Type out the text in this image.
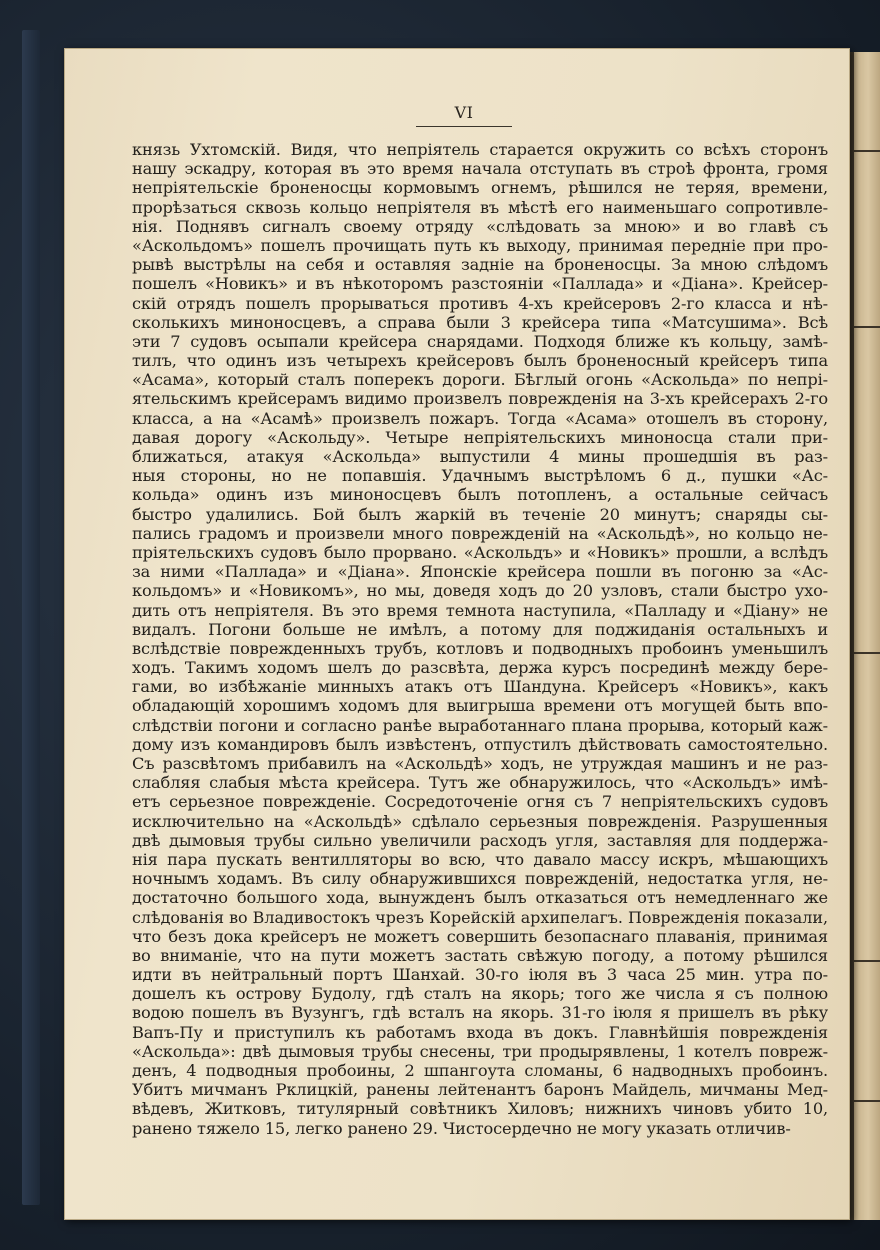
VI
князь Ухтомскій. Видя, что непріятель старается окружить со всѣхъ сторонъ
нашу эскадру, которая въ это время начала отступать въ строѣ фронта, громя
непріятельскіе броненосцы кормовымъ огнемъ, рѣшился не теряя, времени,
прорѣзаться сквозь кольцо непріятеля въ мѣстѣ его наименьшаго сопротивле-
нія. Поднявъ сигналъ своему отряду «слѣдовать за мною» и во главѣ съ
«Аскольдомъ» пошелъ прочищать путь къ выходу, принимая передніе при про-
рывѣ выстрѣлы на себя и оставляя задніе на броненосцы. За мною слѣдомъ
пошелъ «Новикъ» и въ нѣкоторомъ разстояніи «Паллада» и «Діана». Крейсер-
скій отрядъ пошелъ прорываться противъ 4-хъ крейсеровъ 2-го класса и нѣ-
сколькихъ миноносцевъ, а справа были 3 крейсера типа «Матсушима». Всѣ
эти 7 судовъ осыпали крейсера снарядами. Подходя ближе къ кольцу, замѣ-
тилъ, что одинъ изъ четырехъ крейсеровъ былъ броненосный крейсеръ типа
«Асама», который сталъ поперекъ дороги. Бѣглый огонь «Аскольда» по непрі-
ятельскимъ крейсерамъ видимо произвелъ поврежденія на 3-хъ крейсерахъ 2-го
класса, а на «Асамѣ» произвелъ пожаръ. Тогда «Асама» отошелъ въ сторону,
давая дорогу «Аскольду». Четыре непріятельскихъ миноносца стали при-
ближаться, атакуя «Аскольда» выпустили 4 мины прошедшія въ раз-
ныя стороны, но не попавшія. Удачнымъ выстрѣломъ 6 д., пушки «Ас-
кольда» одинъ изъ миноносцевъ былъ потопленъ, а остальные сейчасъ
быстро удалились. Бой былъ жаркій въ теченіе 20 минутъ; снаряды сы-
пались градомъ и произвели много поврежденій на «Аскольдѣ», но кольцо не-
пріятельскихъ судовъ было прорвано. «Аскольдъ» и «Новикъ» прошли, а вслѣдъ
за ними «Паллада» и «Діана». Японскіе крейсера пошли въ погоню за «Ас-
кольдомъ» и «Новикомъ», но мы, доведя ходъ до 20 узловъ, стали быстро ухо-
дить отъ непріятеля. Въ это время темнота наступила, «Палладу и «Діану» не
видалъ. Погони больше не имѣлъ, а потому для поджиданія остальныхъ и
вслѣдствіе поврежденныхъ трубъ, котловъ и подводныхъ пробоинъ уменьшилъ
ходъ. Такимъ ходомъ шелъ до разсвѣта, держа курсъ посрединѣ между бере-
гами, во избѣжаніе минныхъ атакъ отъ Шандуна. Крейсеръ «Новикъ», какъ
обладающій хорошимъ ходомъ для выигрыша времени отъ могущей быть впо-
слѣдствіи погони и согласно ранѣе выработаннаго плана прорыва, который каж-
дому изъ командировъ былъ извѣстенъ, отпустилъ дѣйствовать самостоятельно.
Съ разсвѣтомъ прибавилъ на «Аскольдѣ» ходъ, не утруждая машинъ и не раз-
слабляя слабыя мѣста крейсера. Тутъ же обнаружилось, что «Аскольдъ» имѣ-
етъ серьезное поврежденіе. Сосредоточеніе огня съ 7 непріятельскихъ судовъ
исключительно на «Аскольдѣ» сдѣлало серьезныя поврежденія. Разрушенныя
двѣ дымовыя трубы сильно увеличили расходъ угля, заставляя для поддержа-
нія пара пускать вентилляторы во всю, что давало массу искръ, мѣшающихъ
ночнымъ ходамъ. Въ силу обнаружившихся поврежденій, недостатка угля, не-
достаточно большого хода, вынужденъ былъ отказаться отъ немедленнаго же
слѣдованія во Владивостокъ чрезъ Корейскій архипелагъ. Поврежденія показали,
что безъ дока крейсеръ не можетъ совершить безопаснаго плаванія, принимая
во вниманіе, что на пути можетъ застать свѣжую погоду, а потому рѣшился
идти въ нейтральный портъ Шанхай. 30-го іюля въ 3 часа 25 мин. утра по-
дошелъ къ острову Будолу, гдѣ сталъ на якорь; того же числа я съ полною
водою пошелъ въ Вузунгъ, гдѣ всталъ на якорь. 31-го іюля я пришелъ въ рѣку
Вапъ-Пу и приступилъ къ работамъ входа въ докъ. Главнѣйшія поврежденія
«Аскольда»: двѣ дымовыя трубы снесены, три продырявлены, 1 котелъ повреж-
денъ, 4 подводныя пробоины, 2 шпангоута сломаны, 6 надводныхъ пробоинъ.
Убитъ мичманъ Рклицкій, ранены лейтенантъ баронъ Майдель, мичманы Мед-
вѣдевъ, Житковъ, титулярный совѣтникъ Хиловъ; нижнихъ чиновъ убито 10,
ранено тяжело 15, легко ранено 29. Чистосердечно не могу указать отличив-
